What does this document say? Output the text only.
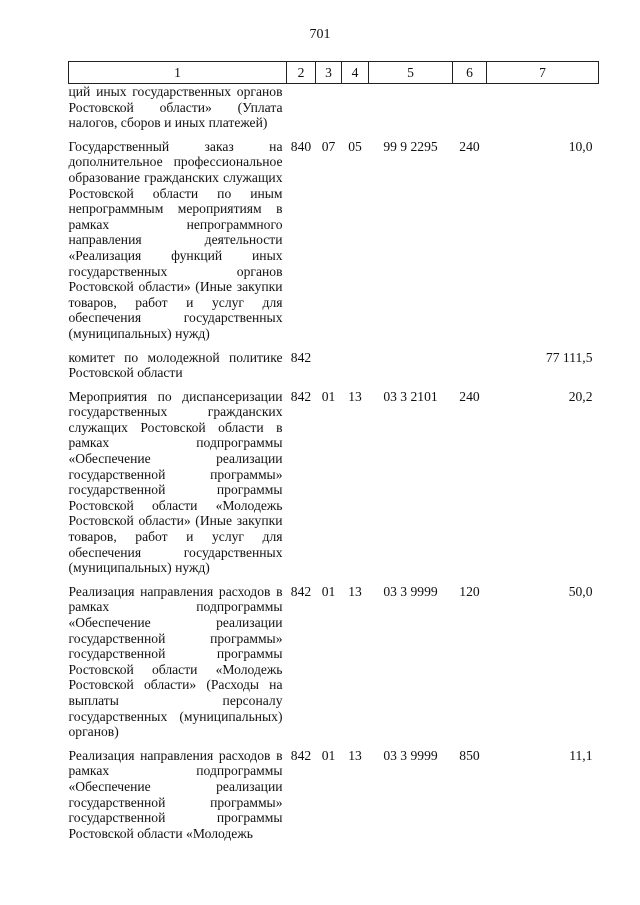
701
1	2	3	4	5	6	7
ций иных государственных органов Ростовской области» (Уплата налогов, сборов и иных платежей)						
Государственный заказ на дополнительное профессиональное образование гражданских служащих Ростовской области по иным непрограммным мероприятиям в рамках непрограммного направления деятельности «Реализация функций иных государственных органов Ростовской области» (Иные закупки товаров, работ и услуг для обеспечения государственных (муниципальных) нужд)	840	07	05	99 9 2295	240	10,0
комитет по молодежной политике Ростовской области	842					77 111,5
Мероприятия по диспансеризации государственных гражданских служащих Ростовской области в рамках подпрограммы «Обеспечение реализации государственной программы» государственной программы Ростовской области «Молодежь Ростовской области» (Иные закупки товаров, работ и услуг для обеспечения государственных (муниципальных) нужд)	842	01	13	03 3 2101	240	20,2
Реализация направления расходов в рамках подпрограммы «Обеспечение реализации государственной программы» государственной программы Ростовской области «Молодежь Ростовской области» (Расходы на выплаты персоналу государственных (муниципальных) органов)	842	01	13	03 3 9999	120	50,0
Реализация направления расходов в рамках подпрограммы «Обеспечение реализации государственной программы» государственной программы Ростовской области «Молодежь	842	01	13	03 3 9999	850	11,1
